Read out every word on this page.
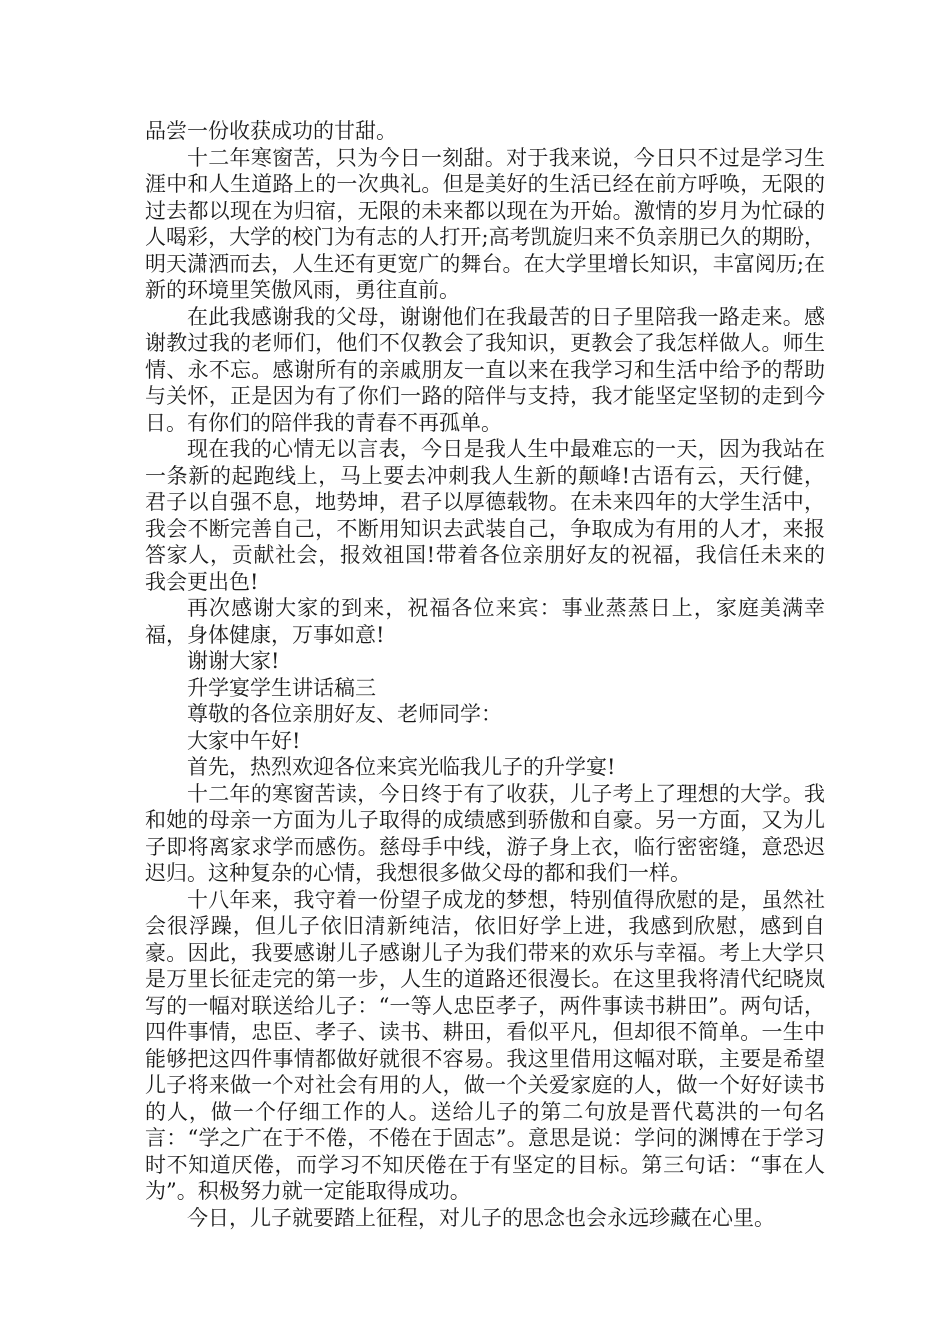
品尝一份收获成功的甘甜。

十二年寒窗苦，只为今日一刻甜。对于我来说，今日只不过是学习生涯中和人生道路上的一次典礼。但是美好的生活已经在前方呼唤，无限的过去都以现在为归宿，无限的未来都以现在为开始。激情的岁月为忙碌的人喝彩，大学的校门为有志的人打开;高考凯旋归来不负亲朋已久的期盼，明天潇洒而去，人生还有更宽广的舞台。在大学里增长知识，丰富阅历;在新的环境里笑傲风雨，勇往直前。

在此我感谢我的父母，谢谢他们在我最苦的日子里陪我一路走来。感谢教过我的老师们，他们不仅教会了我知识，更教会了我怎样做人。师生情、永不忘。感谢所有的亲戚朋友一直以来在我学习和生活中给予的帮助与关怀，正是因为有了你们一路的陪伴与支持，我才能坚定坚韧的走到今日。有你们的陪伴我的青春不再孤单。

现在我的心情无以言表，今日是我人生中最难忘的一天，因为我站在一条新的起跑线上，马上要去冲刺我人生新的颠峰!古语有云，天行健，君子以自强不息，地势坤，君子以厚德载物。在未来四年的大学生活中，我会不断完善自己，不断用知识去武装自己，争取成为有用的人才，来报答家人，贡献社会，报效祖国!带着各位亲朋好友的祝福，我信任未来的我会更出色!

再次感谢大家的到来，祝福各位来宾：事业蒸蒸日上，家庭美满幸福，身体健康，万事如意!

谢谢大家!

升学宴学生讲话稿三

尊敬的各位亲朋好友、老师同学：

大家中午好!

首先，热烈欢迎各位来宾光临我儿子的升学宴!

十二年的寒窗苦读，今日终于有了收获，儿子考上了理想的大学。我和她的母亲一方面为儿子取得的成绩感到骄傲和自豪。另一方面，又为儿子即将离家求学而感伤。慈母手中线，游子身上衣，临行密密缝，意恐迟迟归。这种复杂的心情，我想很多做父母的都和我们一样。

十八年来，我守着一份望子成龙的梦想，特别值得欣慰的是，虽然社会很浮躁，但儿子依旧清新纯洁，依旧好学上进，我感到欣慰，感到自豪。因此，我要感谢儿子感谢儿子为我们带来的欢乐与幸福。考上大学只是万里长征走完的第一步，人生的道路还很漫长。在这里我将清代纪晓岚写的一幅对联送给儿子：“一等人忠臣孝子，两件事读书耕田”。两句话，四件事情，忠臣、孝子、读书、耕田，看似平凡，但却很不简单。一生中能够把这四件事情都做好就很不容易。我这里借用这幅对联，主要是希望儿子将来做一个对社会有用的人，做一个关爱家庭的人，做一个好好读书的人，做一个仔细工作的人。送给儿子的第二句放是晋代葛洪的一句名言：“学之广在于不倦，不倦在于固志”。意思是说：学问的渊博在于学习时不知道厌倦，而学习不知厌倦在于有坚定的目标。第三句话：“事在人为”。积极努力就一定能取得成功。

今日，儿子就要踏上征程，对儿子的思念也会永远珍藏在心里。
